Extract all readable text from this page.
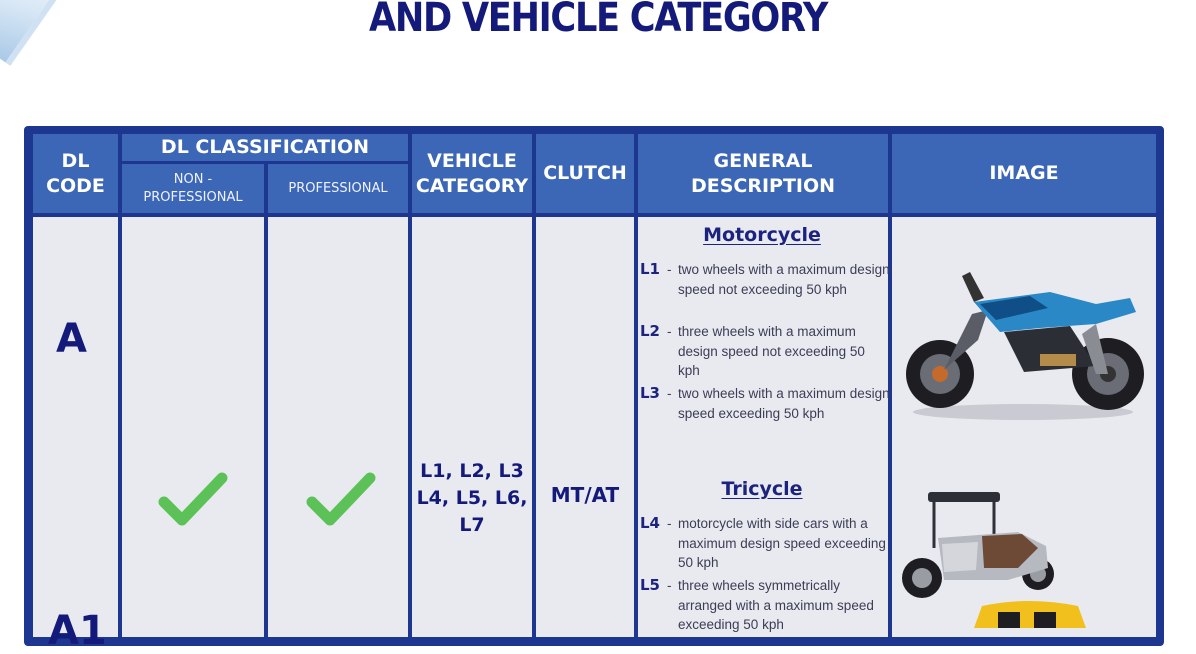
AND VEHICLE CATEGORY
DL
CODE
DL CLASSIFICATION
NON -
PROFESSIONAL
PROFESSIONAL
VEHICLE
CATEGORY
CLUTCH
GENERAL
DESCRIPTION
IMAGE
A
A1
L1, L2, L3
L4, L5, L6,
L7
MT/AT
Motorcycle
L1 - two wheels with a maximum design speed not exceeding 50 kph
L2 - three wheels with a maximum design speed not exceeding 50 kph
L3 - two wheels with a maximum design speed exceeding 50 kph
Tricycle
L4 - motorcycle with side cars with a maximum design speed exceeding 50 kph
L5 - three wheels symmetrically arranged with a maximum speed exceeding 50 kph
